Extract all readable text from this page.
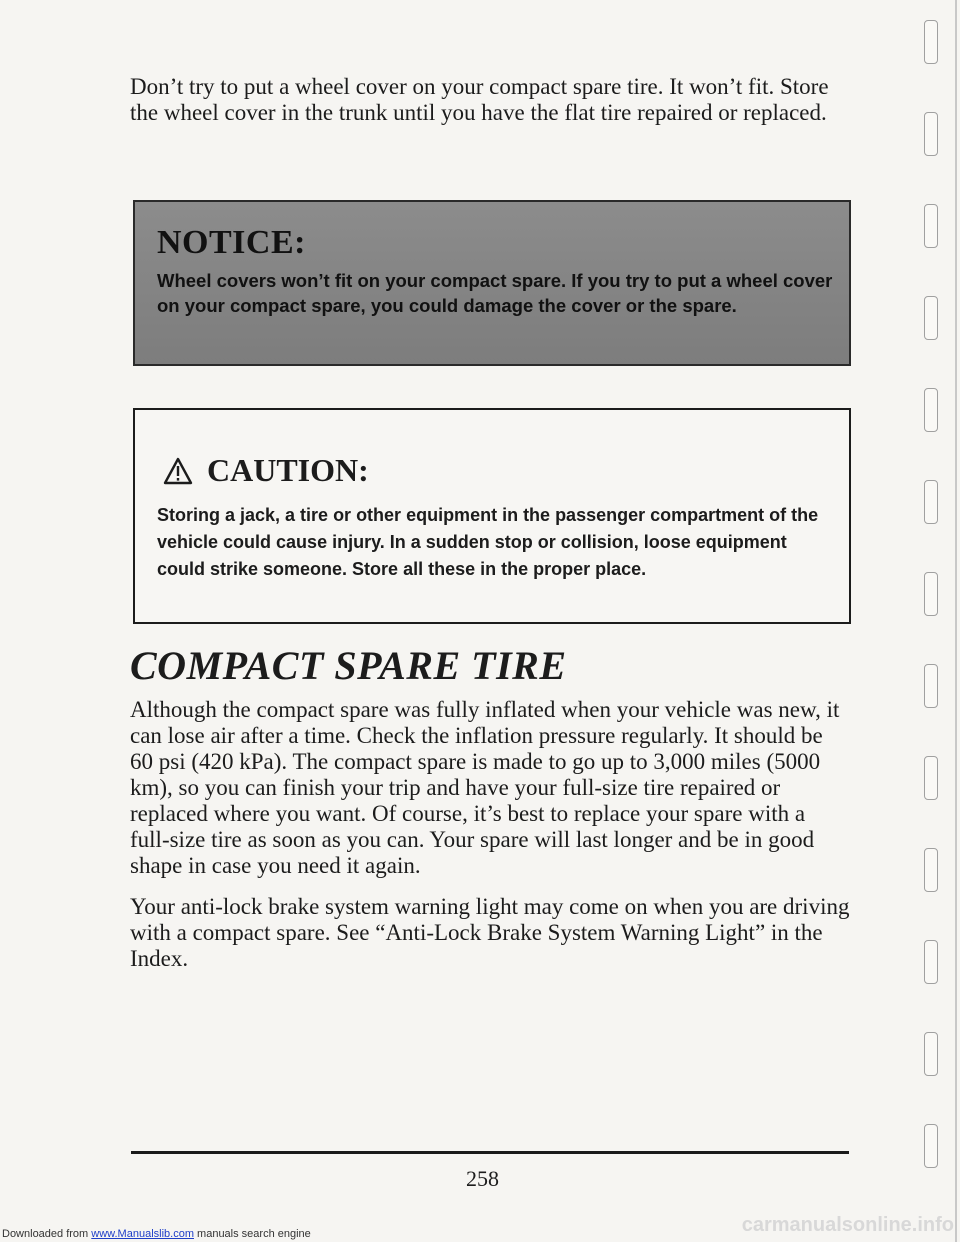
Don’t try to put a wheel cover on your compact spare tire. It won’t fit. Store the wheel cover in the trunk until you have the flat tire repaired or replaced.

NOTICE:
Wheel covers won’t fit on your compact spare. If you try to put a wheel cover on your compact spare, you could damage the cover or the spare.
CAUTION:
Storing a jack, a tire or other equipment in the passenger compartment of the vehicle could cause injury. In a sudden stop or collision, loose equipment could strike someone. Store all these in the proper place.
COMPACT SPARE TIRE

Although the compact spare was fully inflated when your vehicle was new, it can lose air after a time. Check the inflation pressure regularly. It should be 60 psi (420 kPa). The compact spare is made to go up to 3,000 miles (5000 km), so you can finish your trip and have your full-size tire repaired or replaced where you want. Of course, it’s best to replace your spare with a full-size tire as soon as you can. Your spare will last longer and be in good shape in case you need it again.

Your anti-lock brake system warning light may come on when you are driving with a compact spare. See “Anti-Lock Brake System Warning Light” in the Index.

258
Downloaded from www.Manualslib.com manuals search engine	carmanualsonline.info
